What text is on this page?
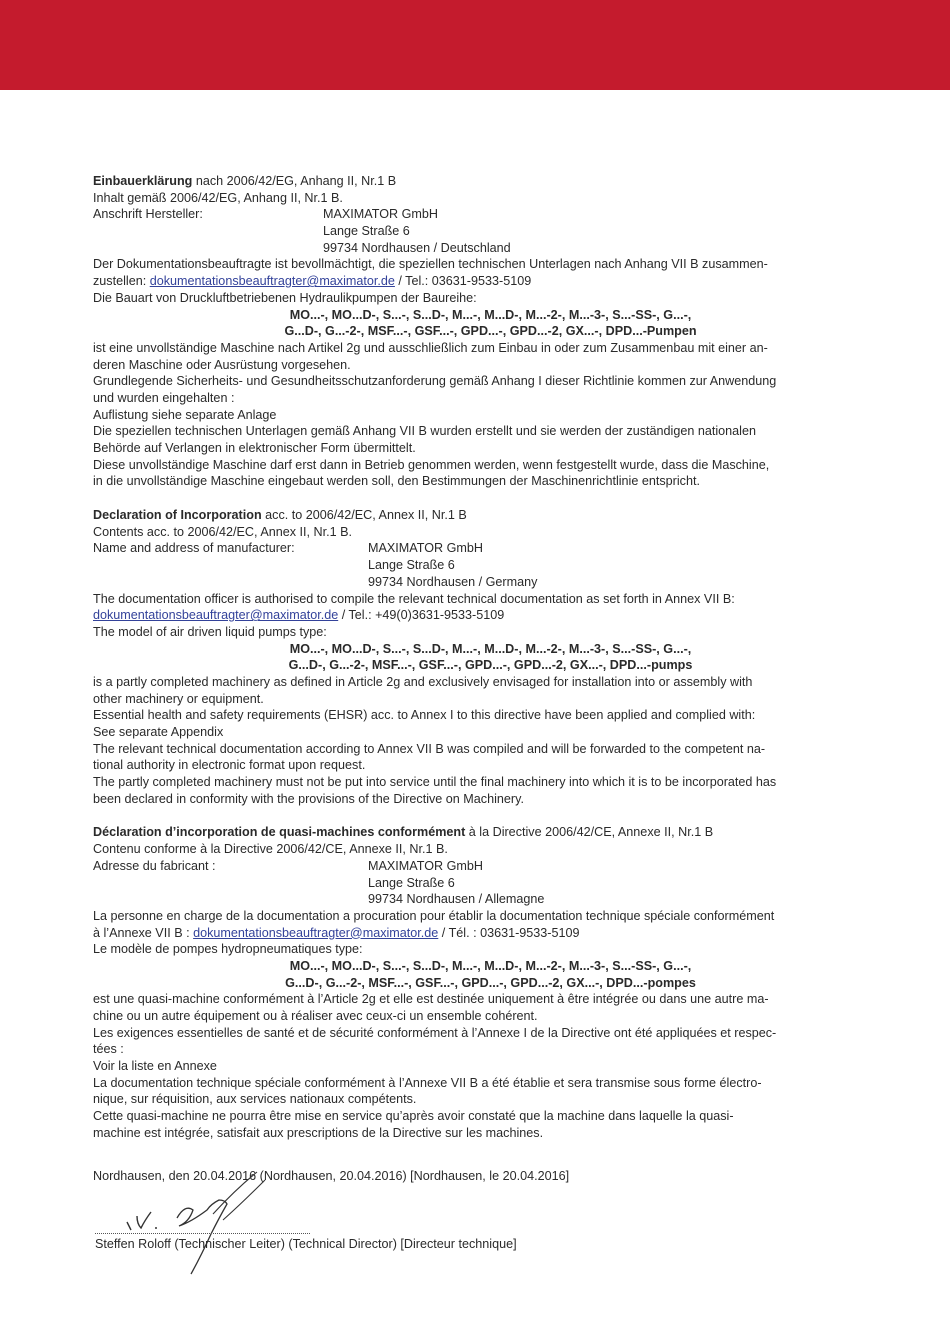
Einbauerklärung nach 2006/42/EG, Anhang II, Nr.1 B
Inhalt gemäß 2006/42/EG, Anhang II, Nr.1 B.
Anschrift Hersteller:	MAXIMATOR GmbH
Lange Straße 6
99734 Nordhausen / Deutschland
Der Dokumentationsbeauftragte ist bevollmächtigt, die speziellen technischen Unterlagen nach Anhang VII B zusammen-
zustellen: dokumentationsbeauftragter@maximator.de / Tel.: 03631-9533-5109
Die Bauart von Druckluftbetriebenen Hydraulikpumpen der Baureihe:
MO...-, MO...D-, S...-, S...D-, M...-, M...D-, M...-2-, M...-3-, S...-SS-, G...-,
G...D-, G...-2-, MSF...-, GSF...-, GPD...-, GPD...-2, GX...-, DPD...-Pumpen
ist eine unvollständige Maschine nach Artikel 2g und ausschließlich zum Einbau in oder zum Zusammenbau mit einer an-
deren Maschine oder Ausrüstung vorgesehen.
Grundlegende Sicherheits- und Gesundheitsschutzanforderung gemäß Anhang I dieser Richtlinie kommen zur Anwendung
und wurden eingehalten :
Auflistung siehe separate Anlage
Die speziellen technischen Unterlagen gemäß Anhang VII B wurden erstellt und sie werden der zuständigen nationalen
Behörde auf Verlangen in elektronischer Form übermittelt.
Diese unvollständige Maschine darf erst dann in Betrieb genommen werden, wenn festgestellt wurde, dass die Maschine,
in die unvollständige Maschine eingebaut werden soll, den Bestimmungen der Maschinenrichtlinie entspricht.
Declaration of Incorporation acc. to 2006/42/EC, Annex II, Nr.1 B
Contents acc. to 2006/42/EC, Annex II, Nr.1 B.
Name and address of manufacturer:	MAXIMATOR GmbH
Lange Straße 6
99734 Nordhausen / Germany
The documentation officer is authorised to compile the relevant technical documentation as set forth in Annex VII B:
dokumentationsbeauftragter@maximator.de / Tel.: +49(0)3631-9533-5109
The model of air driven liquid pumps type:
MO...-, MO...D-, S...-, S...D-, M...-, M...D-, M...-2-, M...-3-, S...-SS-, G...-,
G...D-, G...-2-, MSF...-, GSF...-, GPD...-, GPD...-2, GX...-, DPD...-pumps
is a partly completed machinery as defined in Article 2g and exclusively envisaged for installation into or assembly with
other machinery or equipment.
Essential health and safety requirements (EHSR) acc. to Annex I to this directive have been applied and complied with:
See separate Appendix
The relevant technical documentation according to Annex VII B was compiled and will be forwarded to the competent na-
tional authority in electronic format upon request.
The partly completed machinery must not be put into service until the final machinery into which it is to be incorporated has
been declared in conformity with the provisions of the Directive on Machinery.
Déclaration d’incorporation de quasi-machines conformément à la Directive 2006/42/CE, Annexe II, Nr.1 B
Contenu conforme à la Directive 2006/42/CE, Annexe II, Nr.1 B.
Adresse du fabricant :	MAXIMATOR GmbH
Lange Straße 6
99734 Nordhausen / Allemagne
La personne en charge de la documentation a procuration pour établir la documentation technique spéciale conformément
à l’Annexe VII B : dokumentationsbeauftragter@maximator.de / Tél. : 03631-9533-5109
Le modèle de pompes hydropneumatiques type:
MO...-, MO...D-, S...-, S...D-, M...-, M...D-, M...-2-, M...-3-, S...-SS-, G...-,
G...D-, G...-2-, MSF...-, GSF...-, GPD...-, GPD...-2, GX...-, DPD...-pompes
est une quasi-machine conformément à l’Article 2g et elle est destinée uniquement à être intégrée ou dans une autre ma-
chine ou un autre équipement ou à réaliser avec ceux-ci un ensemble cohérent.
Les exigences essentielles de santé et de sécurité conformément à l’Annexe I de la Directive ont été appliquées et respec-
tées :
Voir la liste en Annexe
La documentation technique spéciale conformément à l’Annexe VII B a été établie et sera transmise sous forme électro-
nique, sur réquisition, aux services nationaux compétents.
Cette quasi-machine ne pourra être mise en service qu’après avoir constaté que la machine dans laquelle la quasi-
machine est intégrée, satisfait aux prescriptions de la Directive sur les machines.
Nordhausen, den 20.04.2016 (Nordhausen, 20.04.2016) [Nordhausen, le 20.04.2016]
Steffen Roloff (Technischer Leiter) (Technical Director) [Directeur technique]
